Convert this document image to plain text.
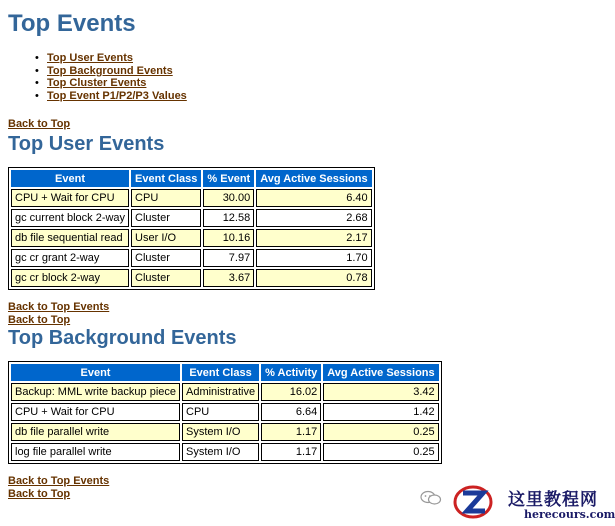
Top Events
• Top User Events
• Top Background Events
• Top Cluster Events
• Top Event P1/P2/P3 Values
Back to Top
Top User Events
Event	Event Class	% Event	Avg Active Sessions
CPU + Wait for CPU	CPU	30.00	6.40
gc current block 2-way	Cluster	12.58	2.68
db file sequential read	User I/O	10.16	2.17
gc cr grant 2-way	Cluster	7.97	1.70
gc cr block 2-way	Cluster	3.67	0.78
Back to Top Events
Back to Top
Top Background Events
Event	Event Class	% Activity	Avg Active Sessions
Backup: MML write backup piece	Administrative	16.02	3.42
CPU + Wait for CPU	CPU	6.64	1.42
db file parallel write	System I/O	1.17	0.25
log file parallel write	System I/O	1.17	0.25
Back to Top Events
Back to Top	这里教程网
herecours.com
